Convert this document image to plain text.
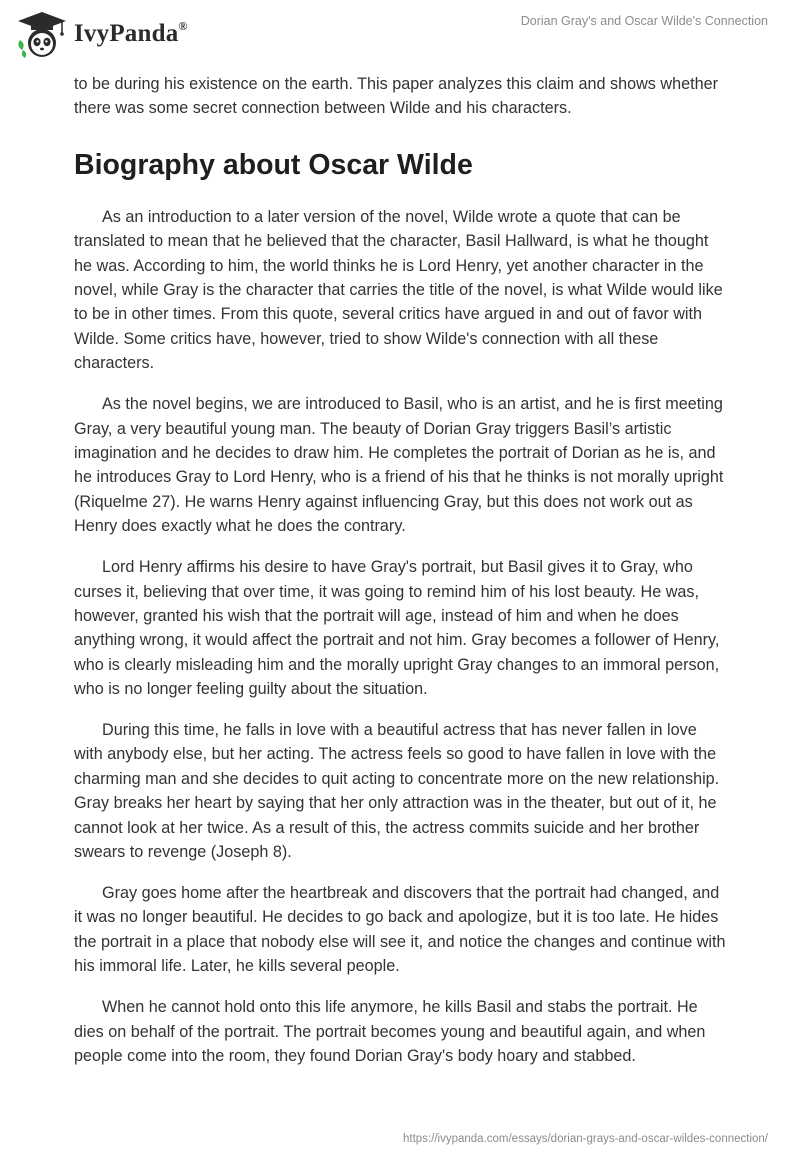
IvyPanda®	Dorian Gray's and Oscar Wilde's Connection

to be during his existence on the earth. This paper analyzes this claim and shows whether there was some secret connection between Wilde and his characters.

Biography about Oscar Wilde

As an introduction to a later version of the novel, Wilde wrote a quote that can be translated to mean that he believed that the character, Basil Hallward, is what he thought he was. According to him, the world thinks he is Lord Henry, yet another character in the novel, while Gray is the character that carries the title of the novel, is what Wilde would like to be in other times. From this quote, several critics have argued in and out of favor with Wilde. Some critics have, however, tried to show Wilde's connection with all these characters.

As the novel begins, we are introduced to Basil, who is an artist, and he is first meeting Gray, a very beautiful young man. The beauty of Dorian Gray triggers Basil’s artistic imagination and he decides to draw him. He completes the portrait of Dorian as he is, and he introduces Gray to Lord Henry, who is a friend of his that he thinks is not morally upright (Riquelme 27). He warns Henry against influencing Gray, but this does not work out as Henry does exactly what he does the contrary.

Lord Henry affirms his desire to have Gray's portrait, but Basil gives it to Gray, who curses it, believing that over time, it was going to remind him of his lost beauty. He was, however, granted his wish that the portrait will age, instead of him and when he does anything wrong, it would affect the portrait and not him. Gray becomes a follower of Henry, who is clearly misleading him and the morally upright Gray changes to an immoral person, who is no longer feeling guilty about the situation.

During this time, he falls in love with a beautiful actress that has never fallen in love with anybody else, but her acting. The actress feels so good to have fallen in love with the charming man and she decides to quit acting to concentrate more on the new relationship. Gray breaks her heart by saying that her only attraction was in the theater, but out of it, he cannot look at her twice. As a result of this, the actress commits suicide and her brother swears to revenge (Joseph 8).

Gray goes home after the heartbreak and discovers that the portrait had changed, and it was no longer beautiful. He decides to go back and apologize, but it is too late. He hides the portrait in a place that nobody else will see it, and notice the changes and continue with his immoral life. Later, he kills several people.

When he cannot hold onto this life anymore, he kills Basil and stabs the portrait. He dies on behalf of the portrait. The portrait becomes young and beautiful again, and when people come into the room, they found Dorian Gray's body hoary and stabbed.

https://ivypanda.com/essays/dorian-grays-and-oscar-wildes-connection/
